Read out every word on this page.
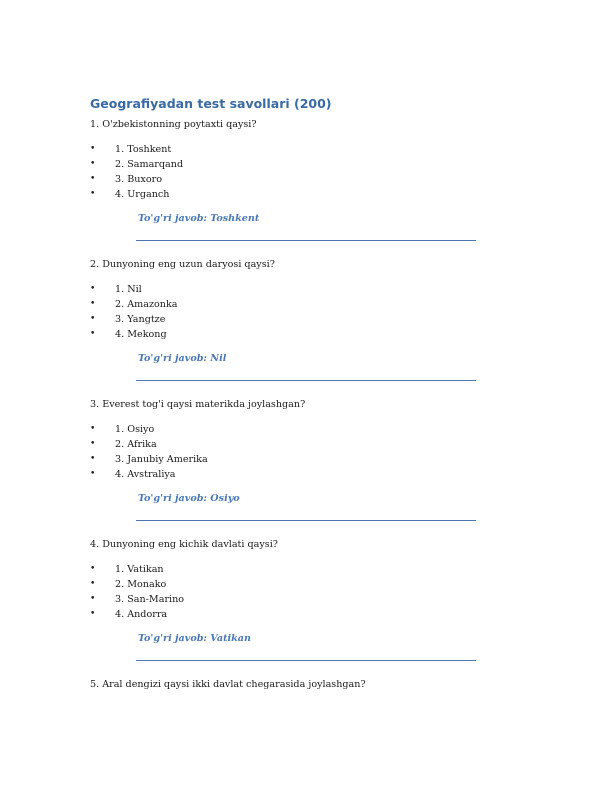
Geografiyadan test savollari (200)

1. O'zbekistonning poytaxti qaysi?

• 1. Toshkent
• 2. Samarqand
• 3. Buxoro
• 4. Urganch
To'g'ri javob: Toshkent

2. Dunyoning eng uzun daryosi qaysi?

• 1. Nil
• 2. Amazonka
• 3. Yangtze
• 4. Mekong
To'g'ri javob: Nil

3. Everest tog'i qaysi materikda joylashgan?

• 1. Osiyo
• 2. Afrika
• 3. Janubiy Amerika
• 4. Avstraliya
To'g'ri javob: Osiyo

4. Dunyoning eng kichik davlati qaysi?

• 1. Vatikan
• 2. Monako
• 3. San-Marino
• 4. Andorra
To'g'ri javob: Vatikan

5. Aral dengizi qaysi ikki davlat chegarasida joylashgan?
